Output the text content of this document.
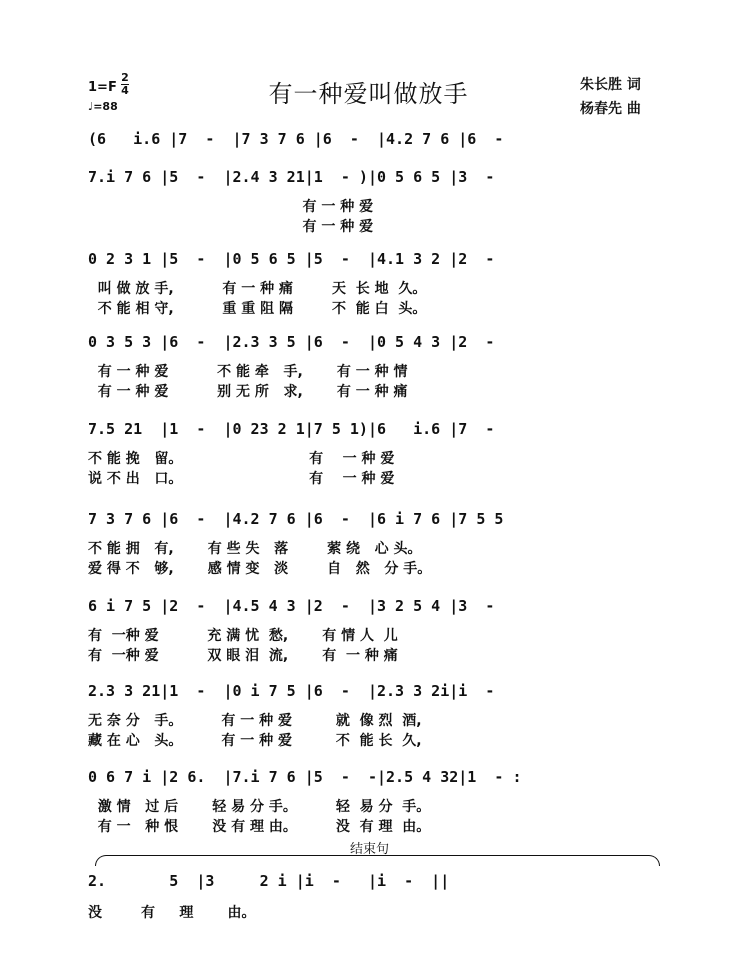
1=F
2
4
♩=88	有一种爱叫做放手	朱长胜 词
杨春先 曲
(6   i.6 |7  -  |7 3 7 6 |6  -  |4.2 7 6 |6  -
7.i 7 6 |5  -  |2.4 3 21|1  - )|0 5 6 5 |3  -
有 一 种 爱
有 一 种 爱
0 2 3 1 |5  -  |0 5 6 5 |5  -  |4.1 3 2 |2  -
叫 做 放 手,          有 一 种 痛        天  长 地  久。
不 能 相 守,          重 重 阻 隔        不  能 白  头。
0 3 5 3 |6  -  |2.3 3 5 |6  -  |0 5 4 3 |2  -
有 一 种 爱          不 能 牵   手,       有 一 种 情
有 一 种 爱          别 无 所   求,       有 一 种 痛
7.5 21  |1  -  |0 23 2 1|7 5 1)|6   i.6 |7  -
不 能 挽   留。                          有    一 种 爱
说 不 出   口。                          有    一 种 爱
7 3 7 6 |6  -  |4.2 7 6 |6  -  |6 i 7 6 |7 5 5
不 能 拥   有,       有 些 失   落        萦 绕   心 头。
爱 得 不   够,       感 情 变   淡        自   然   分 手。
6 i 7 5 |2  -  |4.5 4 3 |2  -  |3 2 5 4 |3  -
有  一种 爱          充 满 忧  愁,       有 情 人  儿
有  一种 爱          双 眼 泪  流,       有  一 种 痛
2.3 3 21|1  -  |0 i 7 5 |6  -  |2.3 3 2i|i  -
无 奈 分   手。        有 一 种 爱         就  像 烈  酒,
藏 在 心   头。        有 一 种 爱         不  能 长  久,
0 6 7 i |2 6.  |7.i 7 6 |5  -  -|2.5 4 32|1  - :
激 情   过 后       轻 易 分 手。        轻  易 分  手。
有 一   种 恨       没 有 理 由。        没  有 理  由。
结束句
2.       5  |3     2 i |i  -   |i  -  ||
没        有     理       由。
